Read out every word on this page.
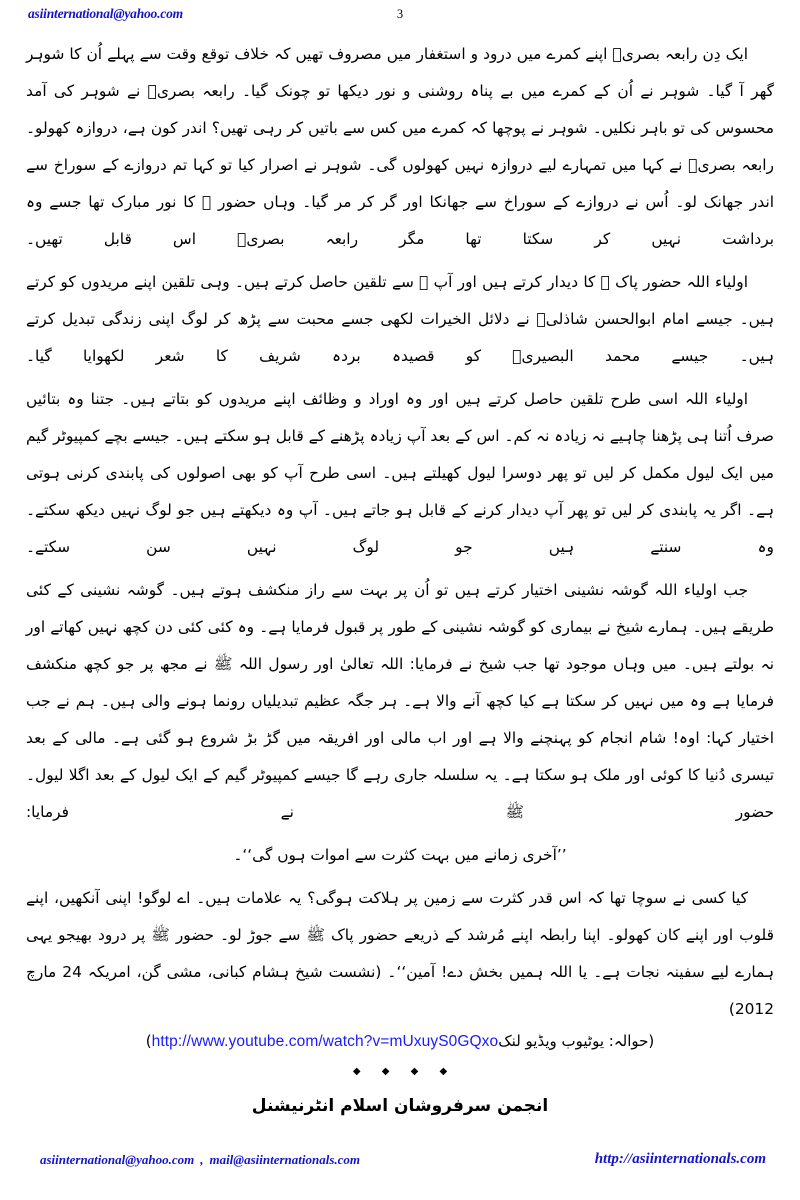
asiinternational@yahoo.com	3

ایک دِن رابعہ بصریؒ اپنے کمرے میں درود و استغفار میں مصروف تھیں کہ خلاف توقع وقت سے پہلے اُن کا شوہر گھر آ گیا۔ شوہر نے اُن کے کمرے میں بے پناہ روشنی و نور دیکھا تو چونک گیا۔ رابعہ بصریؒ نے شوہر کی آمد محسوس کی تو باہر نکلیں۔ شوہر نے پوچھا کہ کمرے میں کس سے باتیں کر رہی تھیں؟ اندر کون ہے، دروازہ کھولو۔ رابعہ بصریؒ نے کہا میں تمہارے لیے دروازہ نہیں کھولوں گی۔ شوہر نے اصرار کیا تو کہا تم دروازے کے سوراخ سے اندر جھانک لو۔ اُس نے دروازے کے سوراخ سے جھانکا اور گر کر مر گیا۔ وہاں حضور ﷺ کا نور مبارک تھا جسے وہ برداشت نہیں کر سکتا تھا مگر رابعہ بصریؒ اس قابل تھیں۔

اولیاء اللہ حضور پاک ﷺ کا دیدار کرتے ہیں اور آپ ﷺ سے تلقین حاصل کرتے ہیں۔ وہی تلقین اپنے مریدوں کو کرتے ہیں۔ جیسے امام ابوالحسن شاذلیؒ نے دلائل الخیرات لکھی جسے محبت سے پڑھ کر لوگ اپنی زندگی تبدیل کرتے ہیں۔ جیسے محمد البصیریؒ کو قصیدہ بردہ شریف کا شعر لکھوایا گیا۔

اولیاء اللہ اسی طرح تلقین حاصل کرتے ہیں اور وہ اوراد و وظائف اپنے مریدوں کو بتاتے ہیں۔ جتنا وہ بتائیں صرف اُتنا ہی پڑھنا چاہیے نہ زیادہ نہ کم۔ اس کے بعد آپ زیادہ پڑھنے کے قابل ہو سکتے ہیں۔ جیسے بچے کمپیوٹر گیم میں ایک لیول مکمل کر لیں تو پھر دوسرا لیول کھیلتے ہیں۔ اسی طرح آپ کو بھی اصولوں کی پابندی کرنی ہوتی ہے۔ اگر یہ پابندی کر لیں تو پھر آپ دیدار کرنے کے قابل ہو جاتے ہیں۔ آپ وہ دیکھتے ہیں جو لوگ نہیں دیکھ سکتے۔ وہ سنتے ہیں جو لوگ نہیں سن سکتے۔

جب اولیاء اللہ گوشہ نشینی اختیار کرتے ہیں تو اُن پر بہت سے راز منکشف ہوتے ہیں۔ گوشہ نشینی کے کئی طریقے ہیں۔ ہمارے شیخ نے بیماری کو گوشہ نشینی کے طور پر قبول فرمایا ہے۔ وہ کئی کئی دن کچھ نہیں کھاتے اور نہ بولتے ہیں۔ میں وہاں موجود تھا جب شیخ نے فرمایا: اللہ تعالیٰ اور رسول اللہ ﷺ نے مجھ پر جو کچھ منکشف فرمایا ہے وہ میں نہیں کر سکتا ہے کیا کچھ آنے والا ہے۔ ہر جگہ عظیم تبدیلیاں رونما ہونے والی ہیں۔ ہم نے جب اختیار کہا: اوہ! شام انجام کو پہنچنے والا ہے اور اب مالی اور افریقہ میں گڑ بڑ شروع ہو گئی ہے۔ مالی کے بعد تیسری دُنیا کا کوئی اور ملک ہو سکتا ہے۔ یہ سلسلہ جاری رہے گا جیسے کمپیوٹر گیم کے ایک لیول کے بعد اگلا لیول۔ حضور ﷺ نے فرمایا:

’’آخری زمانے میں بہت کثرت سے اموات ہوں گی‘‘۔

کیا کسی نے سوچا تھا کہ اس قدر کثرت سے زمین پر ہلاکت ہوگی؟ یہ علامات ہیں۔ اے لوگو! اپنی آنکھیں، اپنے قلوب اور اپنے کان کھولو۔ اپنا رابطہ اپنے مُرشد کے ذریعے حضور پاک ﷺ سے جوڑ لو۔ حضور ﷺ پر درود بھیجو یہی ہمارے لیے سفینہ نجات ہے۔ یا اللہ ہمیں بخش دے! آمین‘‘۔ (نشست شیخ ہشام کبانی، مشی گن، امریکہ 24 مارچ 2012)

(حوالہ: یوٹیوب ویڈیو لنکhttp://www.youtube.com/watch?v=mUxuyS0GQxo)
◆ ◆ ◆ ◆
انجمن سرفروشان اسلام انٹرنیشنل
asiinternational@yahoo.com , mail@asiinternationals.com	http://asiinternationals.com
